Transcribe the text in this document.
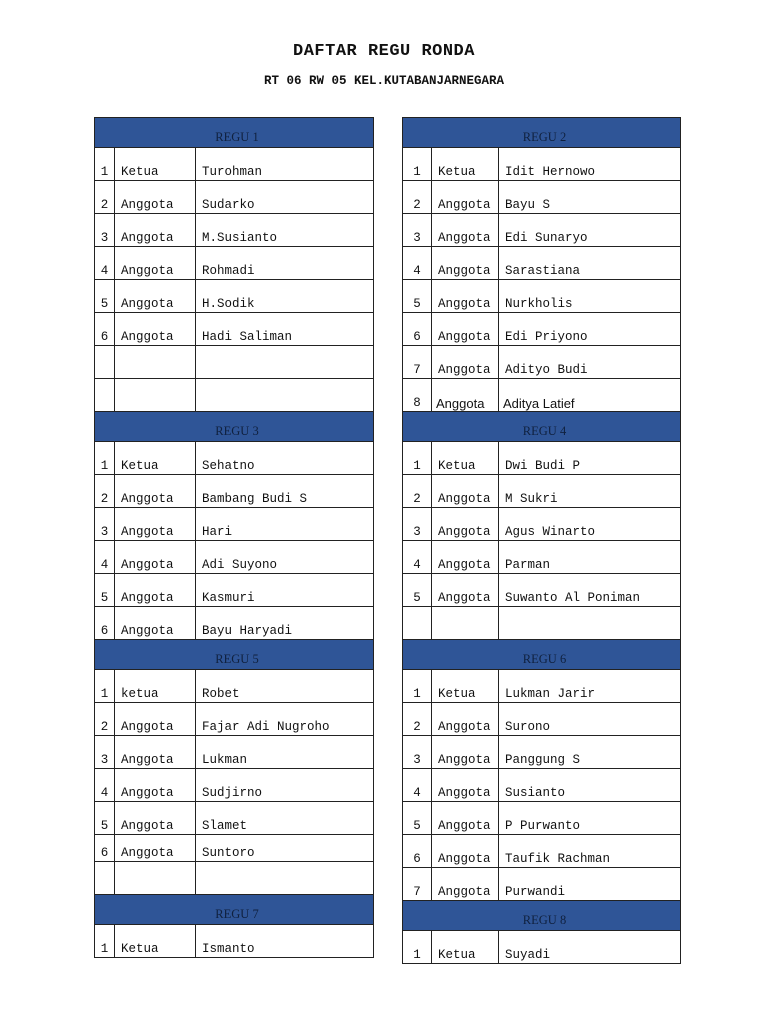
DAFTAR REGU RONDA
RT 06 RW 05 KEL.KUTABANJARNEGARA
REGU 1		
1	Ketua	Turohman
2	Anggota	Sudarko
3	Anggota	M.Susianto
4	Anggota	Rohmadi
5	Anggota	H.Sodik
6	Anggota	Hadi Saliman

REGU 3		
1	Ketua	Sehatno
2	Anggota	Bambang Budi S
3	Anggota	Hari
4	Anggota	Adi Suyono
5	Anggota	Kasmuri
6	Anggota	Bayu Haryadi
REGU 5		
1	ketua	Robet
2	Anggota	Fajar Adi Nugroho
3	Anggota	Lukman
4	Anggota	Sudjirno
5	Anggota	Slamet
6	Anggota	Suntoro

REGU 7		
1	Ketua	Ismanto
REGU 2		
1	Ketua	Idit Hernowo
2	Anggota	Bayu S
3	Anggota	Edi Sunaryo
4	Anggota	Sarastiana
5	Anggota	Nurkholis
6	Anggota	Edi Priyono
7	Anggota	Adityo Budi
8	Anggota	Aditya Latief
REGU 4		
1	Ketua	Dwi Budi P
2	Anggota	M Sukri
3	Anggota	Agus Winarto
4	Anggota	Parman
5	Anggota	Suwanto Al Poniman

REGU 6		
1	Ketua	Lukman Jarir
2	Anggota	Surono
3	Anggota	Panggung S
4	Anggota	Susianto
5	Anggota	P Purwanto
6	Anggota	Taufik Rachman
7	Anggota	Purwandi
REGU 8		
1	Ketua	Suyadi
